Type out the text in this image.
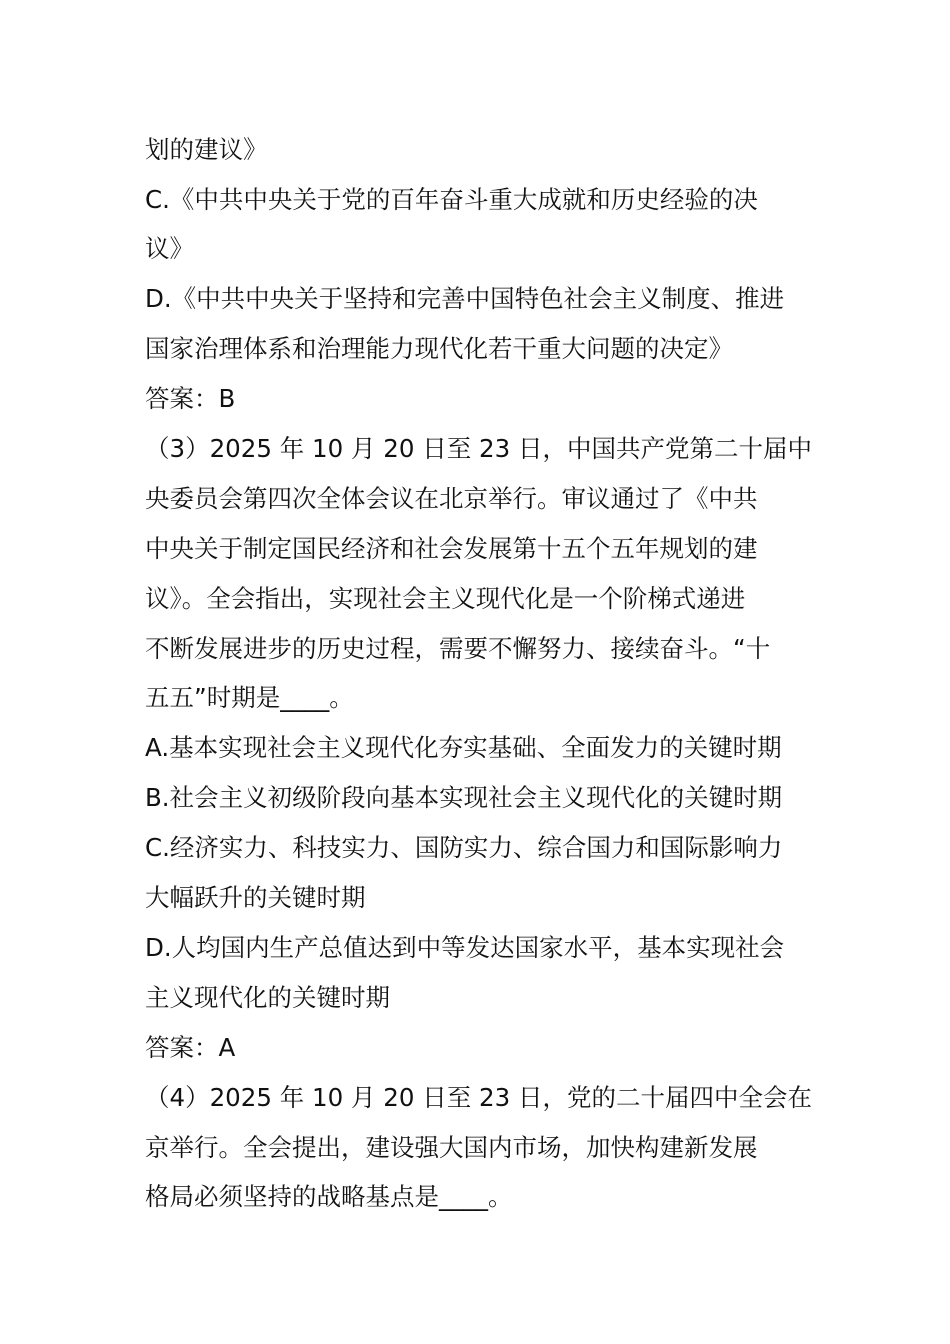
划的建议》
C.《中共中央关于党的百年奋斗重大成就和历史经验的决
议》
D.《中共中央关于坚持和完善中国特色社会主义制度、推进
国家治理体系和治理能力现代化若干重大问题的决定》
答案：B
（3）2025 年 10 月 20 日至 23 日，中国共产党第二十届中
央委员会第四次全体会议在北京举行。审议通过了《中共
中央关于制定国民经济和社会发展第十五个五年规划的建
议》。全会指出，实现社会主义现代化是一个阶梯式递进
不断发展进步的历史过程，需要不懈努力、接续奋斗。“十
五五”时期是____。
A.基本实现社会主义现代化夯实基础、全面发力的关键时期
B.社会主义初级阶段向基本实现社会主义现代化的关键时期
C.经济实力、科技实力、国防实力、综合国力和国际影响力
大幅跃升的关键时期
D.人均国内生产总值达到中等发达国家水平，基本实现社会
主义现代化的关键时期
答案：A
（4）2025 年 10 月 20 日至 23 日，党的二十届四中全会在
京举行。全会提出，建设强大国内市场，加快构建新发展
格局必须坚持的战略基点是____。
